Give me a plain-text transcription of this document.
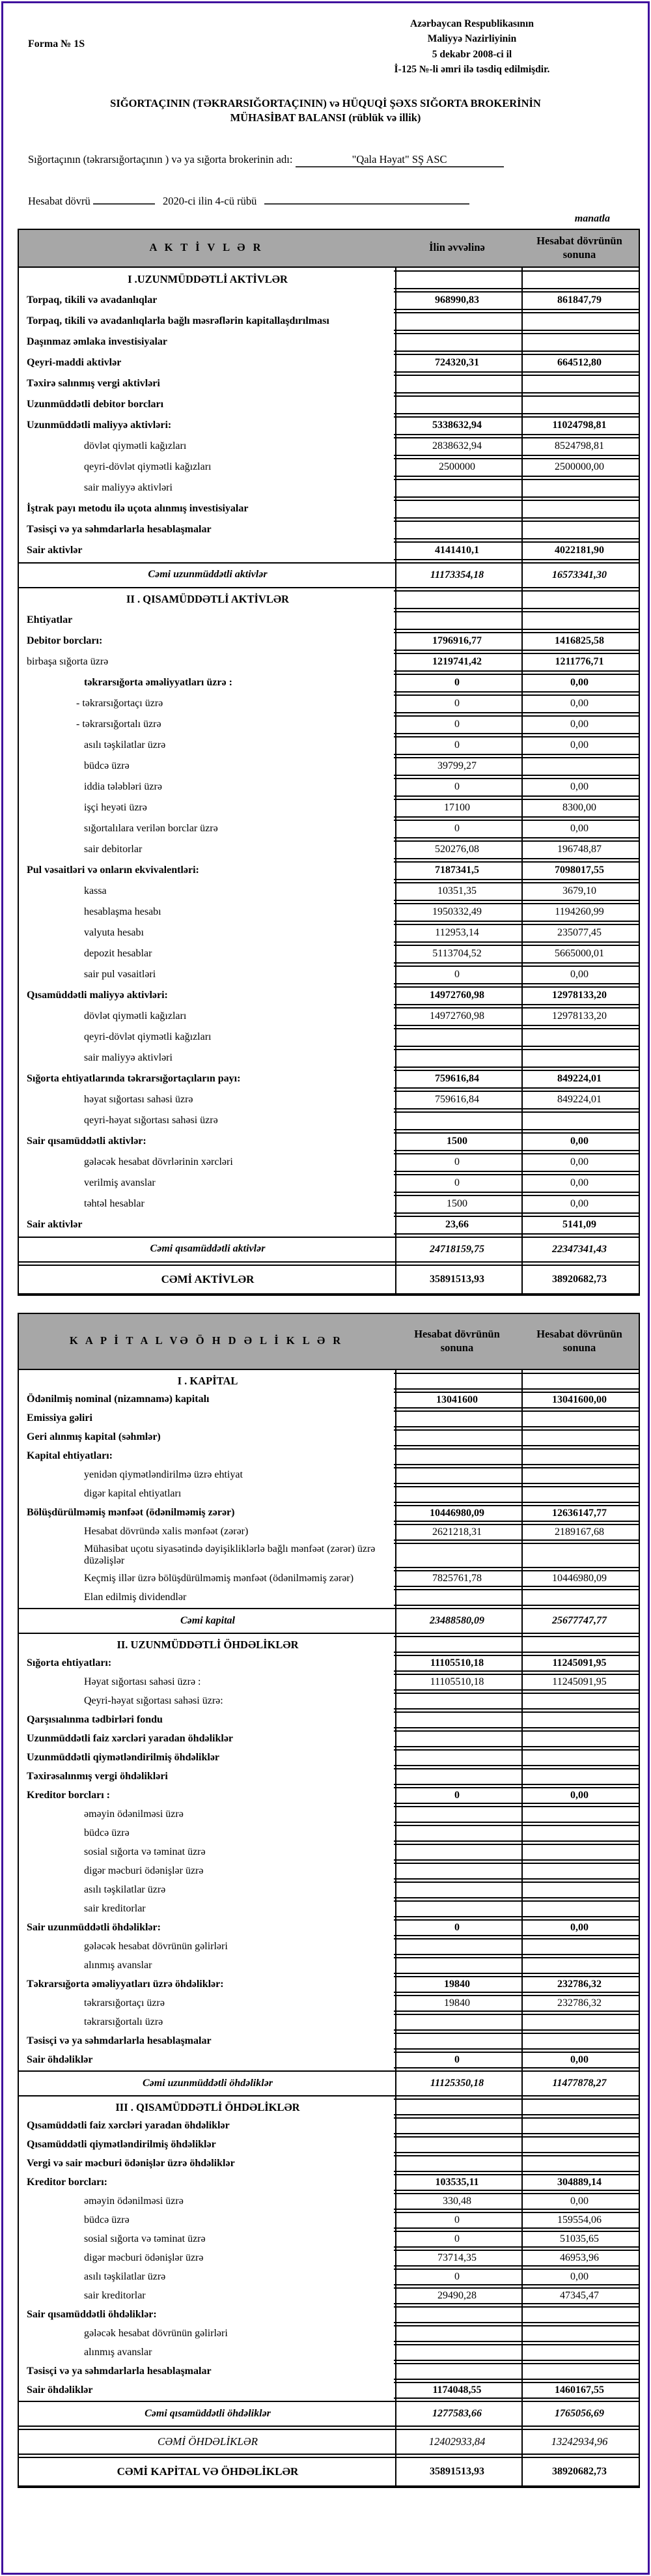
Forma № 1S
Azərbaycan Respublikasının
Maliyyə Nazirliyinin
5 dekabr 2008-ci il
İ-125 №-li əmri ilə təsdiq edilmişdir.
SIĞORTAÇININ (TƏKRARSIĞORTAÇININ) və HÜQUQİ ŞƏXS SIĞORTA BROKERİNİN
MÜHASİBAT BALANSI (rüblük və illik)
Sığortaçının (təkrarsığortaçının ) və ya sığorta brokerinin adı:	"Qala Həyat" SŞ ASC
Hesabat dövrü	2020-ci ilin 4-cü rübü
manatla
A K T İ V L Ə R	İlin əvvəlinə
Hesabat dövrünün sonuna
I .UZUNMÜDDƏTLİ AKTİVLƏR
Torpaq, tikili və avadanlıqlar	968990,83	861847,79
Torpaq, tikili və avadanlıqlarla bağlı məsrəflərin kapitallaşdırılması
Daşınmaz əmlaka investisiyalar
Qeyri-maddi aktivlər	724320,31	664512,80
Təxirə salınmış vergi aktivləri
Uzunmüddətli debitor borcları
Uzunmüddətli maliyyə aktivləri:	5338632,94	11024798,81
dövlət qiymətli kağızları	2838632,94	8524798,81
qeyri-dövlət qiymətli kağızları	2500000	2500000,00
sair maliyyə aktivləri
İştrak payı metodu ilə uçota alınmış investisiyalar
Təsisçi və ya səhmdarlarla hesablaşmalar
Sair aktivlər	4141410,1	4022181,90
Cəmi uzunmüddətli aktivlər	11173354,18	16573341,30
II . QISAMÜDDƏTLİ AKTİVLƏR
Ehtiyatlar
Debitor borcları:	1796916,77	1416825,58
birbaşa sığorta üzrə	1219741,42	1211776,71
təkrarsığorta əməliyyatları üzrə :	0	0,00
- təkrarsığortaçı üzrə	0	0,00
- təkrarsığortalı üzrə	0	0,00
asılı təşkilatlar üzrə	0	0,00
büdcə üzrə	39799,27
iddia tələbləri üzrə	0	0,00
işçi heyəti üzrə	17100	8300,00
sığortalılara verilən borclar üzrə	0	0,00
sair debitorlar	520276,08	196748,87
Pul vəsaitləri və onların ekvivalentləri:	7187341,5	7098017,55
kassa	10351,35	3679,10
hesablaşma hesabı	1950332,49	1194260,99
valyuta hesabı	112953,14	235077,45
depozit hesablar	5113704,52	5665000,01
sair pul vəsaitləri	0	0,00
Qısamüddətli maliyyə aktivləri:	14972760,98	12978133,20
dövlət qiymətli kağızları	14972760,98	12978133,20
qeyri-dövlət qiymətli kağızları
sair maliyyə aktivləri
Sığorta ehtiyatlarında təkrarsığortaçıların payı:	759616,84	849224,01
həyat sığortası sahəsi üzrə	759616,84	849224,01
qeyri-həyat sığortası sahəsi üzrə
Sair qısamüddətli aktivlər:	1500	0,00
gələcək hesabat dövrlərinin xərcləri	0	0,00
verilmiş avanslar	0	0,00
təhtəl hesablar	1500	0,00
Sair aktivlər	23,66	5141,09
Cəmi qısamüddətli aktivlər	24718159,75	22347341,43
CƏMİ AKTİVLƏR	35891513,93	38920682,73
K A P İ T A L VƏ Ö H D Ə L İ K L Ə R
Hesabat dövrünün sonuna
Hesabat dövrünün sonuna
I . KAPİTAL
Ödənilmiş nominal (nizamnamə) kapitalı	13041600	13041600,00
Emissiya gəliri
Geri alınmış kapital (səhmlər)
Kapital ehtiyatları:
yenidən qiymətləndirilmə üzrə ehtiyat
digər kapital ehtiyatları
Bölüşdürülməmiş mənfəət (ödənilməmiş zərər)	10446980,09	12636147,77
Hesabat dövründə xalis mənfəət (zərər)	2621218,31	2189167,68
Mühasibat uçotu siyasətində dəyişikliklərlə bağlı mənfəət (zərər) üzrə düzəlişlər
Keçmiş illər üzrə bölüşdürülməmiş mənfəət (ödənilməmiş zərər)	7825761,78	10446980,09
Elan edilmiş dividendlər
Cəmi kapital	23488580,09	25677747,77
II. UZUNMÜDDƏTLİ ÖHDƏLİKLƏR
Sığorta ehtiyatları:	11105510,18	11245091,95
Həyat sığortası sahəsi üzrə :	11105510,18	11245091,95
Qeyri-həyat sığortası sahəsi üzrə:
Qarşısıalınma tədbirləri fondu
Uzunmüddətli faiz xərcləri yaradan öhdəliklər
Uzunmüddətli qiymətləndirilmiş öhdəliklər
Təxirəsalınmış vergi öhdəlikləri
Kreditor borcları :	0	0,00
əməyin ödənilməsi üzrə
büdcə üzrə
sosial sığorta və təminat üzrə
digər məcburi ödənişlər üzrə
asılı təşkilatlar üzrə
sair kreditorlar
Sair uzunmüddətli öhdəliklər:	0	0,00
gələcək hesabat dövrünün gəlirləri
alınmış avanslar
Təkrarsığorta əməliyyatları üzrə öhdəliklər:	19840	232786,32
təkrarsığortaçı üzrə	19840	232786,32
təkrarsığortalı üzrə
Təsisçi və ya səhmdarlarla hesablaşmalar
Sair öhdəliklər	0	0,00
Cəmi uzunmüddətli öhdəliklər	11125350,18	11477878,27
III . QISAMÜDDƏTLİ ÖHDƏLİKLƏR
Qısamüddətli faiz xərcləri yaradan öhdəliklər
Qısamüddətli qiymətləndirilmiş öhdəliklər
Vergi və sair məcburi ödənişlər üzrə öhdəliklər
Kreditor borcları:	103535,11	304889,14
əməyin ödənilməsi üzrə	330,48	0,00
büdcə üzrə	0	159554,06
sosial sığorta və təminat üzrə	0	51035,65
digər məcburi ödənişlər üzrə	73714,35	46953,96
asılı təşkilatlar üzrə	0	0,00
sair kreditorlar	29490,28	47345,47
Sair qısamüddətli öhdəliklər:
gələcək hesabat dövrünün gəlirləri
alınmış avanslar
Təsisçi və ya səhmdarlarla hesablaşmalar
Sair öhdəliklər	1174048,55	1460167,55
Cəmi qısamüddətli öhdəliklər	1277583,66	1765056,69
CƏMİ ÖHDƏLİKLƏR	12402933,84	13242934,96
CƏMİ KAPİTAL VƏ ÖHDƏLİKLƏR	35891513,93	38920682,73
